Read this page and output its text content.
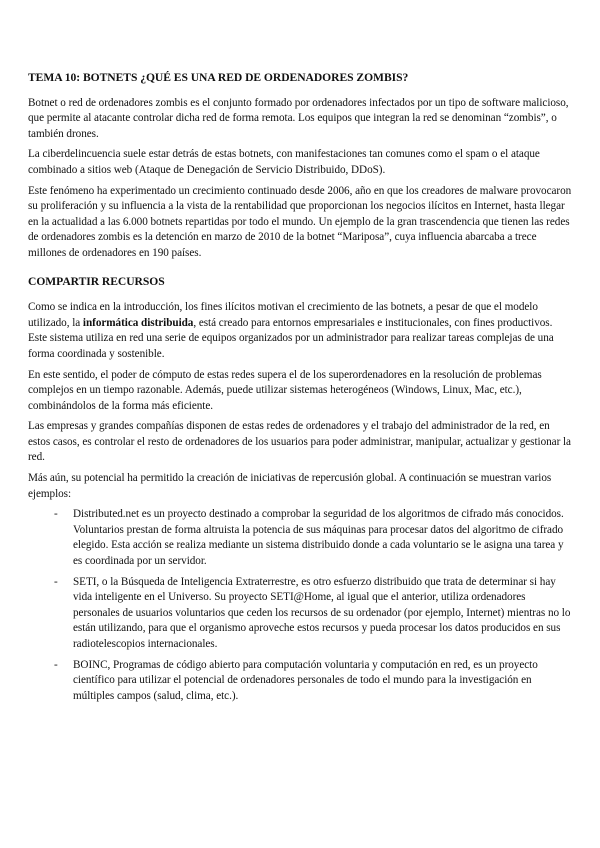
TEMA 10: BOTNETS ¿QUÉ ES UNA RED DE ORDENADORES ZOMBIS?

Botnet o red de ordenadores zombis es el conjunto formado por ordenadores infectados por un tipo de software malicioso, que permite al atacante controlar dicha red de forma remota. Los equipos que integran la red se denominan “zombis”, o también drones.

La ciberdelincuencia suele estar detrás de estas botnets, con manifestaciones tan comunes como el spam o el ataque combinado a sitios web (Ataque de Denegación de Servicio Distribuido, DDoS).

Este fenómeno ha experimentado un crecimiento continuado desde 2006, año en que los creadores de malware provocaron su proliferación y su influencia a la vista de la rentabilidad que proporcionan los negocios ilícitos en Internet, hasta llegar en la actualidad a las 6.000 botnets repartidas por todo el mundo. Un ejemplo de la gran trascendencia que tienen las redes de ordenadores zombis es la detención en marzo de 2010 de la botnet “Mariposa”, cuya influencia abarcaba a trece millones de ordenadores en 190 países.

COMPARTIR RECURSOS

Como se indica en la introducción, los fines ilícitos motivan el crecimiento de las botnets, a pesar de que el modelo utilizado, la informática distribuida, está creado para entornos empresariales e institucionales, con fines productivos. Este sistema utiliza en red una serie de equipos organizados por un administrador para realizar tareas complejas de una forma coordinada y sostenible.

En este sentido, el poder de cómputo de estas redes supera el de los superordenadores en la resolución de problemas complejos en un tiempo razonable. Además, puede utilizar sistemas heterogéneos (Windows, Linux, Mac, etc.), combinándolos de la forma más eficiente.

Las empresas y grandes compañías disponen de estas redes de ordenadores y el trabajo del administrador de la red, en estos casos, es controlar el resto de ordenadores de los usuarios para poder administrar, manipular, actualizar y gestionar la red.

Más aún, su potencial ha permitido la creación de iniciativas de repercusión global. A continuación se muestran varios ejemplos:

- Distributed.net es un proyecto destinado a comprobar la seguridad de los algoritmos de cifrado más conocidos. Voluntarios prestan de forma altruista la potencia de sus máquinas para procesar datos del algoritmo de cifrado elegido. Esta acción se realiza mediante un sistema distribuido donde a cada voluntario se le asigna una tarea y es coordinada por un servidor.
- SETI, o la Búsqueda de Inteligencia Extraterrestre, es otro esfuerzo distribuido que trata de determinar si hay vida inteligente en el Universo. Su proyecto SETI@Home, al igual que el anterior, utiliza ordenadores personales de usuarios voluntarios que ceden los recursos de su ordenador (por ejemplo, Internet) mientras no lo están utilizando, para que el organismo aproveche estos recursos y pueda procesar los datos producidos en sus radiotelescopios internacionales.
- BOINC, Programas de código abierto para computación voluntaria y computación en red, es un proyecto científico para utilizar el potencial de ordenadores personales de todo el mundo para la investigación en múltiples campos (salud, clima, etc.).
